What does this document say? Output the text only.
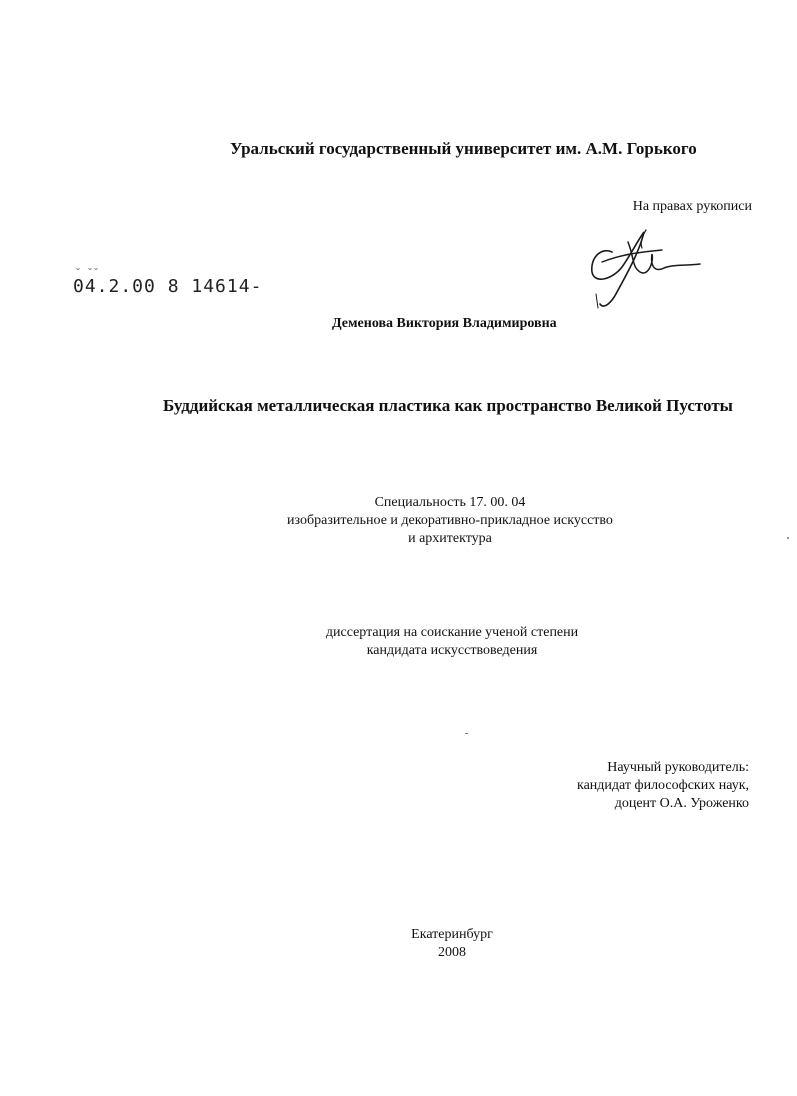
Уральский государственный университет им. А.М. Горького
На правах рукописи
˘ ˘˘
04.2.00 8 14614-
Деменова Виктория Владимировна
Буддийская металлическая пластика как пространство Великой Пустоты
Специальность 17. 00. 04
изобразительное и декоративно-прикладное искусство
и архитектура
диссертация на соискание ученой степени
кандидата искусствоведения
Научный руководитель:
кандидат философских наук,
доцент О.А. Уроженко
Екатеринбург
2008
